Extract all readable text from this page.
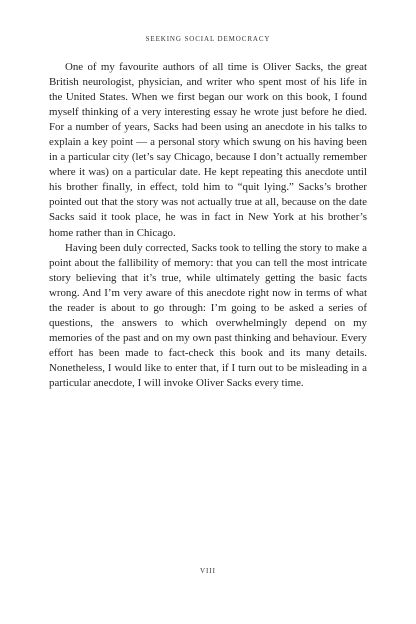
SEEKING SOCIAL DEMOCRACY

One of my favourite authors of all time is Oliver Sacks, the great British neurologist, physician, and writer who spent most of his life in the United States. When we first began our work on this book, I found myself thinking of a very interesting essay he wrote just before he died. For a number of years, Sacks had been using an anecdote in his talks to explain a key point — a personal story which swung on his having been in a particular city (let’s say Chicago, because I don’t actually remember where it was) on a particular date. He kept repeating this anecdote until his brother finally, in effect, told him to “quit lying.” Sacks’s brother pointed out that the story was not actually true at all, because on the date Sacks said it took place, he was in fact in New York at his brother’s home rather than in Chicago.

Having been duly corrected, Sacks took to telling the story to make a point about the fallibility of memory: that you can tell the most intricate story believing that it’s true, while ultimately getting the basic facts wrong. And I’m very aware of this anecdote right now in terms of what the reader is about to go through: I’m going to be asked a series of questions, the answers to which overwhelmingly depend on my memories of the past and on my own past thinking and behaviour. Every effort has been made to fact-check this book and its many details. Nonetheless, I would like to enter that, if I turn out to be misleading in a particular anecdote, I will invoke Oliver Sacks every time.

VIII
